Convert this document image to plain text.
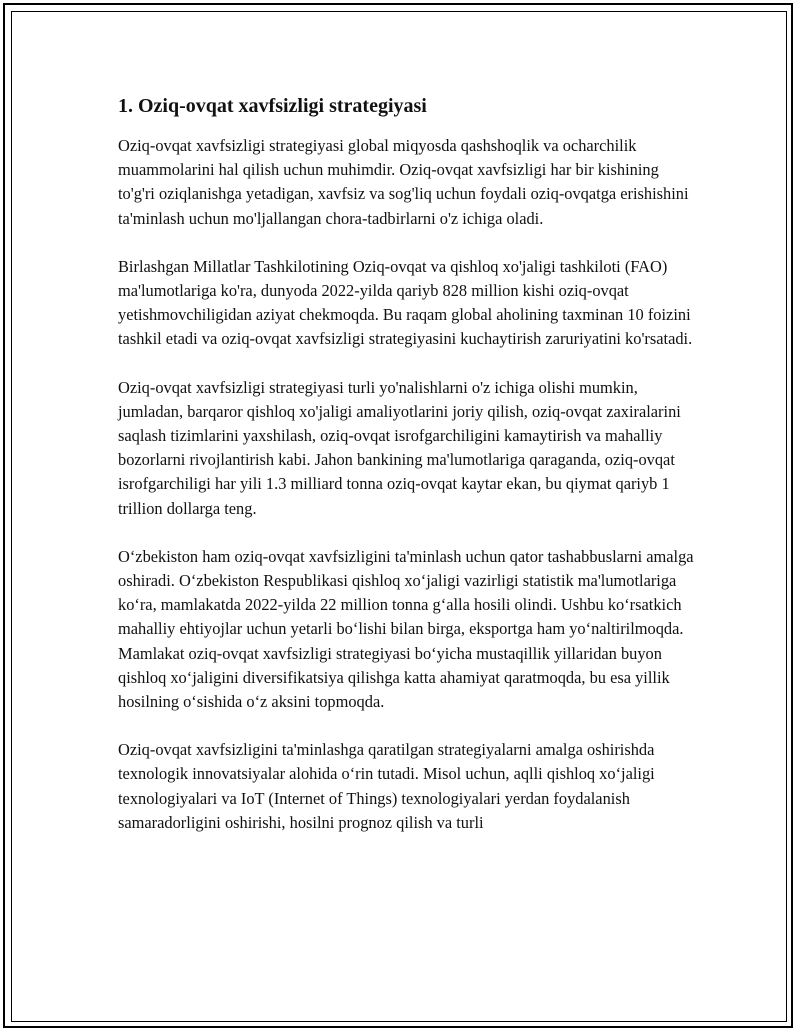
1. Oziq-ovqat xavfsizligi strategiyasi

Oziq-ovqat xavfsizligi strategiyasi global miqyosda qashshoqlik va ocharchilik muammolarini hal qilish uchun muhimdir. Oziq-ovqat xavfsizligi har bir kishining to'g'ri oziqlanishga yetadigan, xavfsiz va sog'liq uchun foydali oziq-ovqatga erishishini ta'minlash uchun mo'ljallangan chora-tadbirlarni o'z ichiga oladi.

Birlashgan Millatlar Tashkilotining Oziq-ovqat va qishloq xo'jaligi tashkiloti (FAO) ma'lumotlariga ko'ra, dunyoda 2022-yilda qariyb 828 million kishi oziq-ovqat yetishmovchiligidan aziyat chekmoqda. Bu raqam global aholining taxminan 10 foizini tashkil etadi va oziq-ovqat xavfsizligi strategiyasini kuchaytirish zaruriyatini ko'rsatadi.

Oziq-ovqat xavfsizligi strategiyasi turli yo'nalishlarni o'z ichiga olishi mumkin, jumladan, barqaror qishloq xo'jaligi amaliyotlarini joriy qilish, oziq-ovqat zaxiralarini saqlash tizimlarini yaxshilash, oziq-ovqat isrofgarchiligini kamaytirish va mahalliy bozorlarni rivojlantirish kabi. Jahon bankining ma'lumotlariga qaraganda, oziq-ovqat isrofgarchiligi har yili 1.3 milliard tonna oziq-ovqat kaytar ekan, bu qiymat qariyb 1 trillion dollarga teng.

O‘zbekiston ham oziq-ovqat xavfsizligini ta'minlash uchun qator tashabbuslarni amalga oshiradi. O‘zbekiston Respublikasi qishloq xo‘jaligi vazirligi statistik ma'lumotlariga ko‘ra, mamlakatda 2022-yilda 22 million tonna g‘alla hosili olindi. Ushbu ko‘rsatkich mahalliy ehtiyojlar uchun yetarli bo‘lishi bilan birga, eksportga ham yo‘naltirilmoqda. Mamlakat oziq-ovqat xavfsizligi strategiyasi bo‘yicha mustaqillik yillaridan buyon qishloq xo‘jaligini diversifikatsiya qilishga katta ahamiyat qaratmoqda, bu esa yillik hosilning o‘sishida o‘z aksini topmoqda.

Oziq-ovqat xavfsizligini ta'minlashga qaratilgan strategiyalarni amalga oshirishda texnologik innovatsiyalar alohida o‘rin tutadi. Misol uchun, aqlli qishloq xo‘jaligi texnologiyalari va IoT (Internet of Things) texnologiyalari yerdan foydalanish samaradorligini oshirishi, hosilni prognoz qilish va turli
